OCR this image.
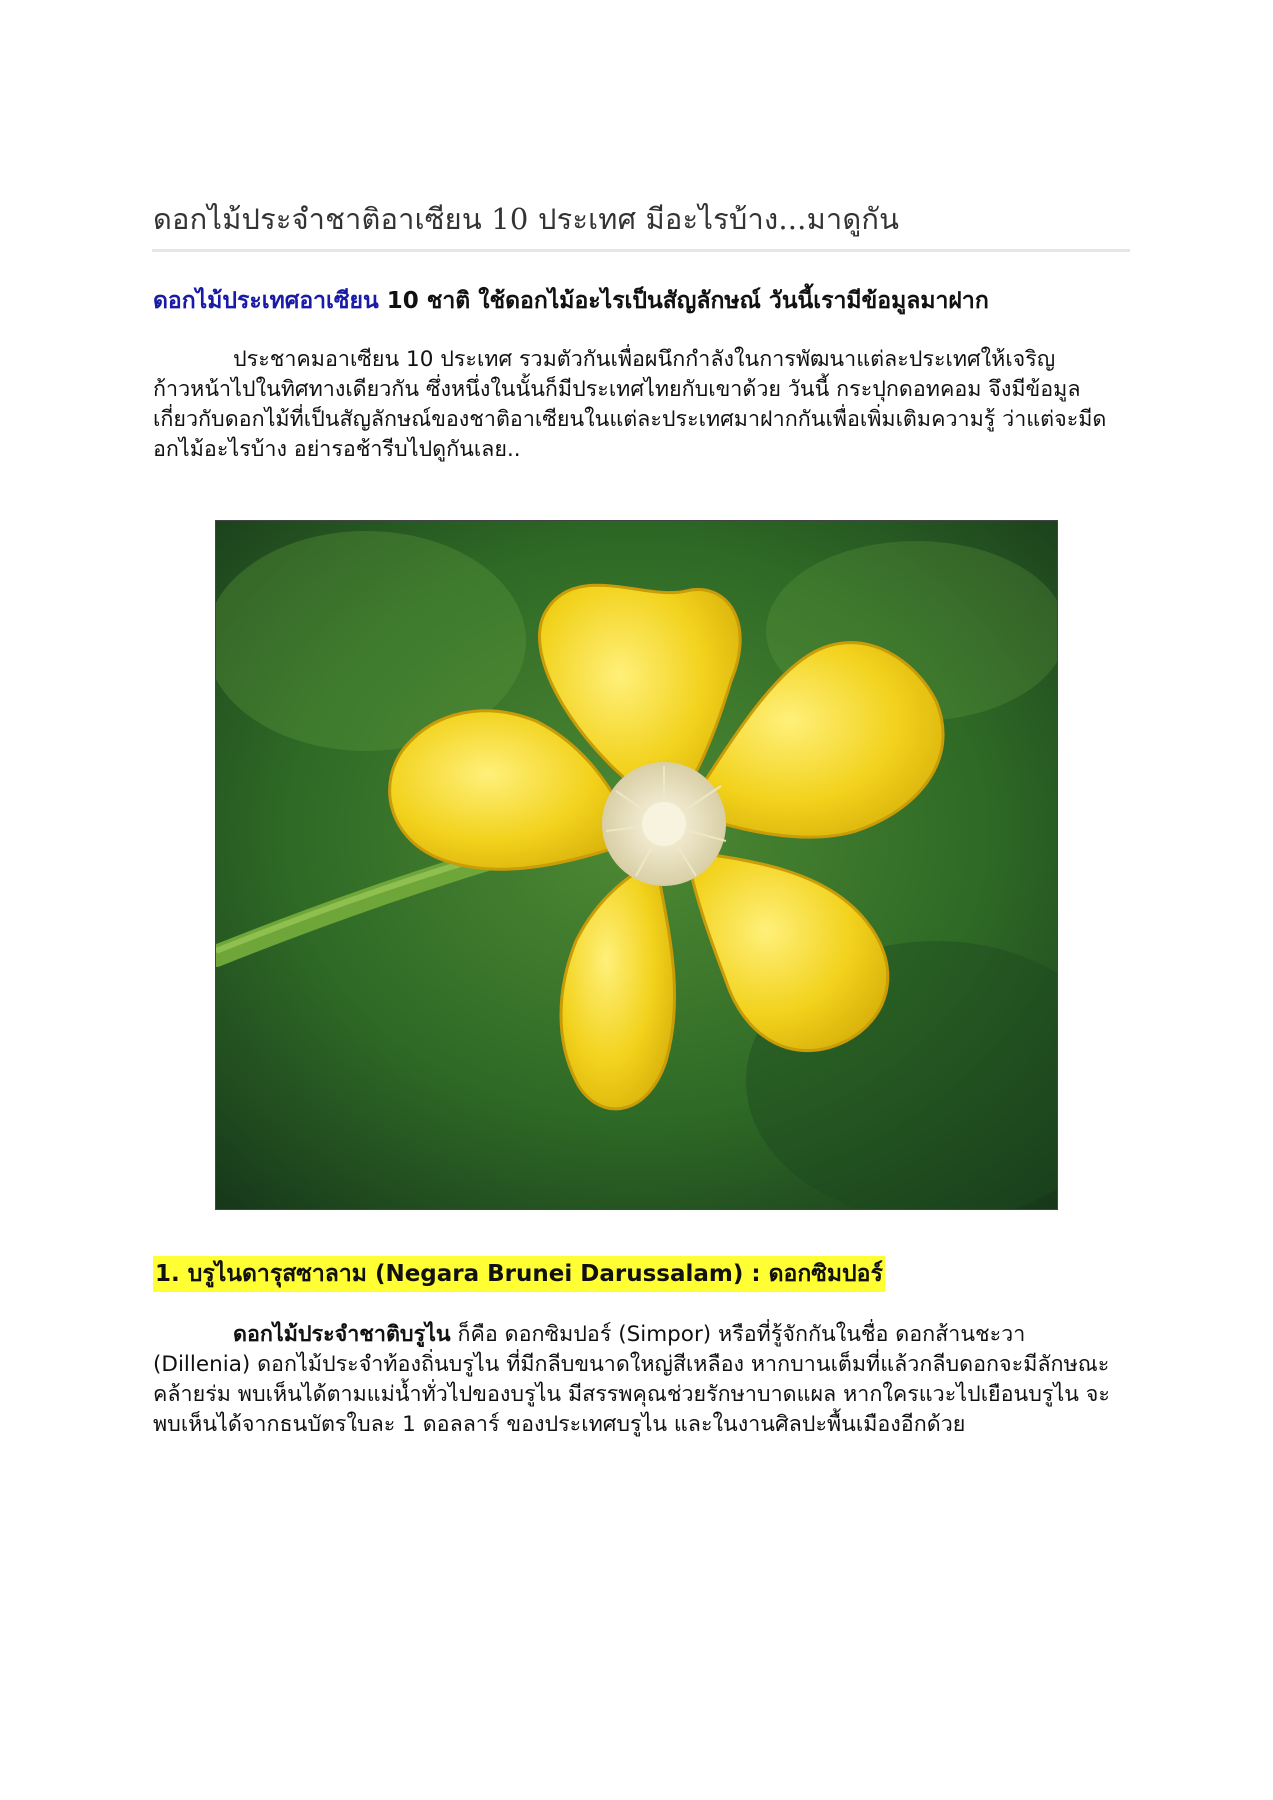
ดอกไม้ประจำชาติอาเซียน 10 ประเทศ มีอะไรบ้าง...มาดูกัน
ดอกไม้ประเทศอาเซียน 10 ชาติ ใช้ดอกไม้อะไรเป็นสัญลักษณ์ วันนี้เรามีข้อมูลมาฝาก

ประชาคมอาเซียน 10 ประเทศ รวมตัวกันเพื่อผนึกกำลังในการพัฒนาแต่ละประเทศให้เจริญก้าวหน้าไปในทิศทางเดียวกัน ซึ่งหนึ่งในนั้นก็มีประเทศไทยกับเขาด้วย วันนี้ กระปุกดอทคอม จึงมีข้อมูลเกี่ยวกับดอกไม้ที่เป็นสัญลักษณ์ของชาติอาเซียนในแต่ละประเทศมาฝากกันเพื่อเพิ่มเติมความรู้ ว่าแต่จะมีดอกไม้อะไรบ้าง อย่ารอช้ารีบไปดูกันเลย..

1. บรูไนดารุสซาลาม (Negara Brunei Darussalam) : ดอกซิมปอร์

ดอกไม้ประจำชาติบรูไน ก็คือ ดอกซิมปอร์ (Simpor) หรือที่รู้จักกันในชื่อ ดอกส้านชะวา (Dillenia) ดอกไม้ประจำท้องถิ่นบรูไน ที่มีกลีบขนาดใหญ่สีเหลือง หากบานเต็มที่แล้วกลีบดอกจะมีลักษณะคล้ายร่ม พบเห็นได้ตามแม่น้ำทั่วไปของบรูไน มีสรรพคุณช่วยรักษาบาดแผล หากใครแวะไปเยือนบรูไน จะพบเห็นได้จากธนบัตรใบละ 1 ดอลลาร์ ของประเทศบรูไน และในงานศิลปะพื้นเมืองอีกด้วย
